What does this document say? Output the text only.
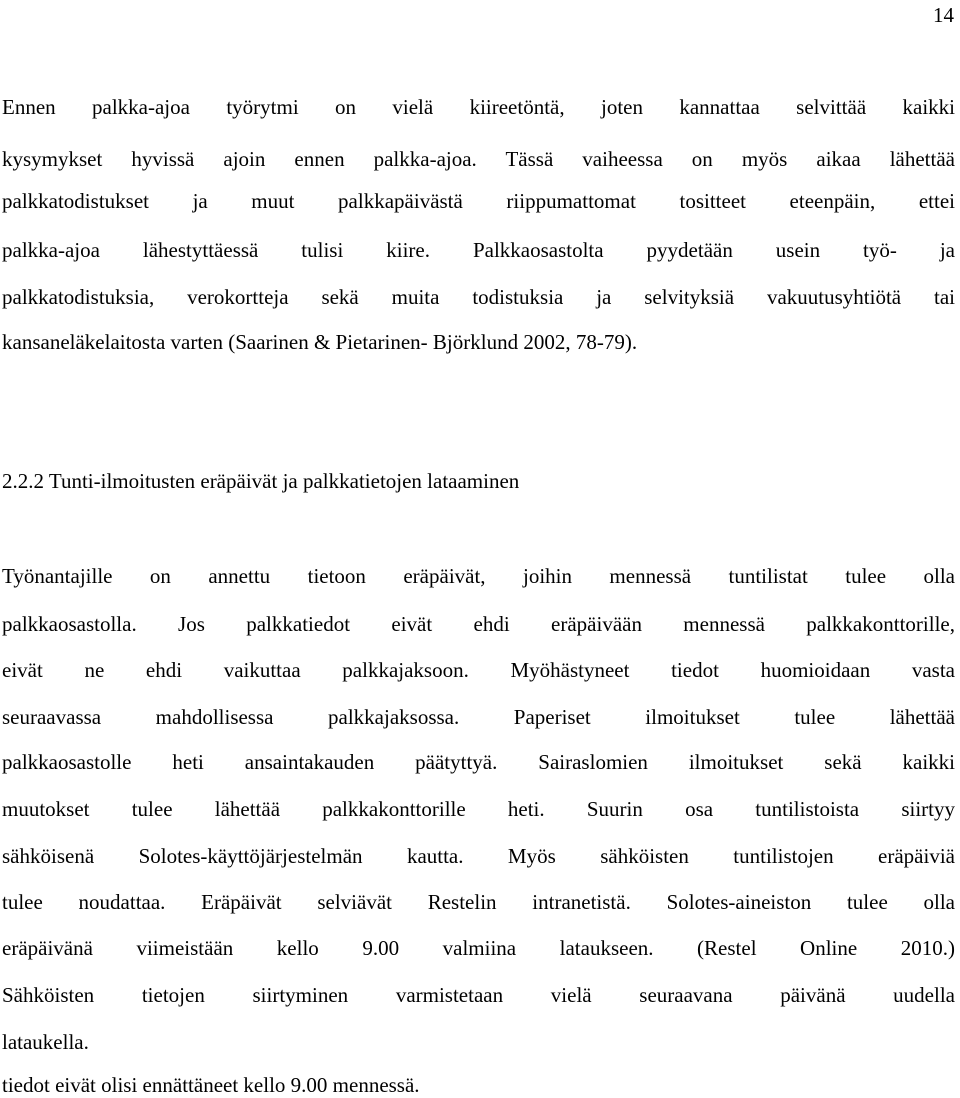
14
Ennen palkka-ajoa työrytmi on vielä kiireetöntä, joten kannattaa selvittää kaikki
kysymykset hyvissä ajoin ennen palkka-ajoa. Tässä vaiheessa on myös aikaa lähettää
palkkatodistukset ja muut palkkapäivästä riippumattomat tositteet eteenpäin, ettei
palkka-ajoa lähestyttäessä tulisi kiire. Palkkaosastolta pyydetään usein työ- ja
palkkatodistuksia, verokortteja sekä muita todistuksia ja selvityksiä vakuutusyhtiötä tai
kansaneläkelaitosta varten (Saarinen & Pietarinen- Björklund 2002, 78-79).
2.2.2 Tunti-ilmoitusten eräpäivät ja palkkatietojen lataaminen
Työnantajille on annettu tietoon eräpäivät, joihin mennessä tuntilistat tulee olla
palkkaosastolla. Jos palkkatiedot eivät ehdi eräpäivään mennessä palkkakonttorille,
eivät ne ehdi vaikuttaa palkkajaksoon. Myöhästyneet tiedot huomioidaan vasta
seuraavassa mahdollisessa palkkajaksossa. Paperiset ilmoitukset tulee lähettää
palkkaosastolle heti ansaintakauden päätyttyä. Sairaslomien ilmoitukset sekä kaikki
muutokset tulee lähettää palkkakonttorille heti. Suurin osa tuntilistoista siirtyy
sähköisenä Solotes-käyttöjärjestelmän kautta. Myös sähköisten tuntilistojen eräpäiviä
tulee noudattaa. Eräpäivät selviävät Restelin intranetistä. Solotes-aineiston tulee olla
eräpäivänä viimeistään kello 9.00 valmiina lataukseen. (Restel Online 2010.)
Sähköisten tietojen siirtyminen varmistetaan vielä seuraavana päivänä uudella
lataukella.
tiedot eivät olisi ennättäneet kello 9.00 mennessä.
